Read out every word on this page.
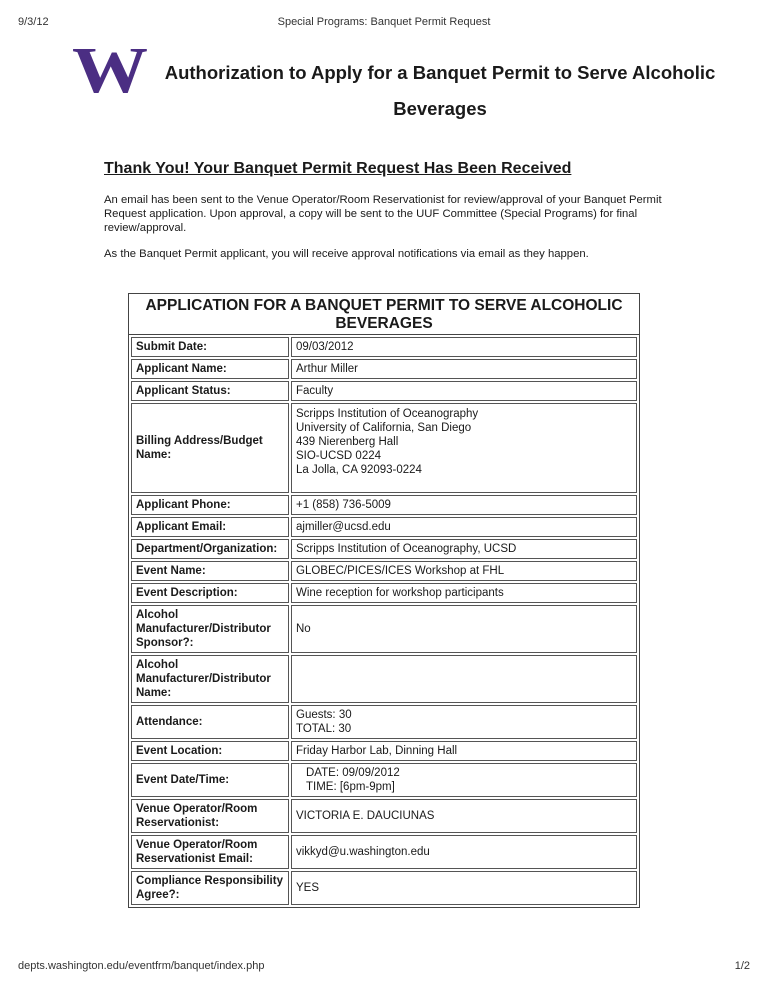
9/3/12	Special Programs: Banquet Permit Request
W Authorization to Apply for a Banquet Permit to Serve Alcoholic Beverages
Thank You! Your Banquet Permit Request Has Been Received
An email has been sent to the Venue Operator/Room Reservationist for review/approval of your Banquet Permit Request application. Upon approval, a copy will be sent to the UUF Committee (Special Programs) for final review/approval.
As the Banquet Permit applicant, you will receive approval notifications via email as they happen.
APPLICATION FOR A BANQUET PERMIT TO SERVE ALCOHOLIC BEVERAGES
Submit Date:	09/03/2012
Applicant Name:	Arthur Miller
Applicant Status:	Faculty
Billing Address/Budget Name:	Scripps Institution of Oceanography
University of California, San Diego
439 Nierenberg Hall
SIO-UCSD 0224
La Jolla, CA 92093-0224

Applicant Phone:	+1 (858) 736-5009
Applicant Email:	ajmiller@ucsd.edu
Department/Organization:	Scripps Institution of Oceanography, UCSD
Event Name:	GLOBEC/PICES/ICES Workshop at FHL
Event Description:	Wine reception for workshop participants
Alcohol Manufacturer/Distributor Sponsor?:	No
Alcohol Manufacturer/Distributor Name:	
Attendance:	Guests: 30
TOTAL: 30

Event Location:	Friday Harbor Lab, Dinning Hall
Event Date/Time:	DATE: 09/09/2012
TIME: [6pm-9pm]

Venue Operator/Room Reservationist:	VICTORIA E. DAUCIUNAS
Venue Operator/Room Reservationist Email:	vikkyd@u.washington.edu
Compliance Responsibility Agree?:	YES
depts.washington.edu/eventfrm/banquet/index.php	1/2
